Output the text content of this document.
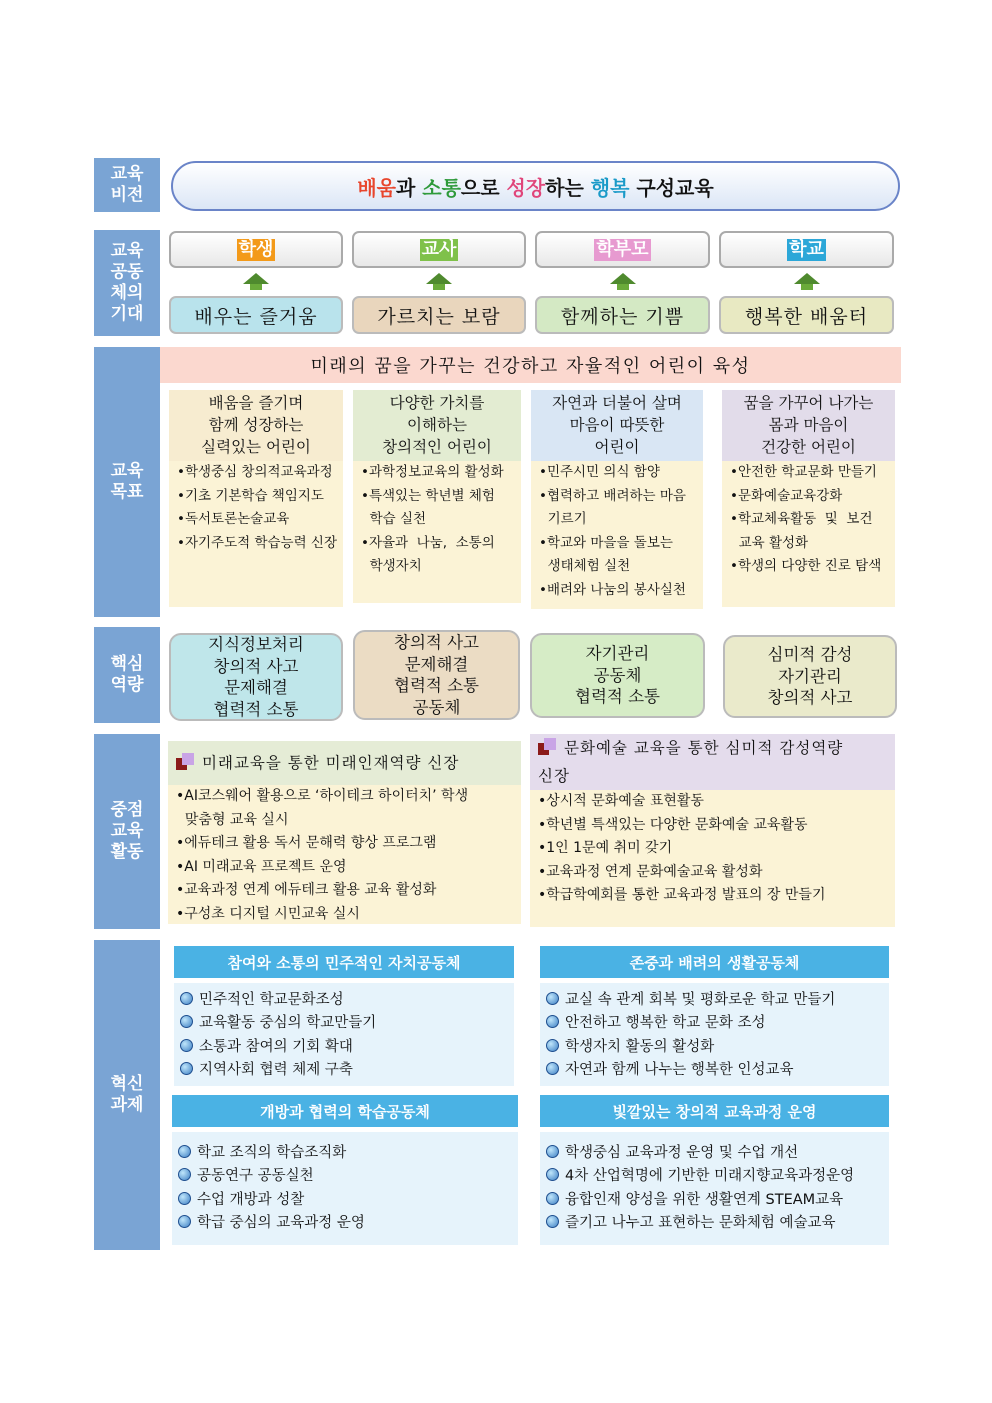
교육
비전
교육
공동
체의
기대
교육
목표
핵심
역량
중점
교육
활동
혁신
과제
배움과 소통으로 성장하는 행복 구성교육
학생
배우는 즐거움
교사
가르치는 보람
학부모
함께하는 기쁨
학교
행복한 배움터
미래의 꿈을 가꾸는 건강하고 자율적인 어린이 육성
배움을 즐기며
함께 성장하는
실력있는 어린이
•학생중심 창의적교육과정
•기초 기본학습 책임지도
•독서토론논술교육
•자기주도적 학습능력 신장
다양한 가치를
이해하는
창의적인 어린이
•과학정보교육의 활성화
•특색있는 학년별 체험
학습 실천
•자율과  나눔,  소통의
학생자치
자연과 더불어 살며
마음이 따뜻한
어린이
•민주시민 의식 함양
•협력하고 배려하는 마음
기르기
•학교와 마을을 돌보는
생태체험 실천
•배려와 나눔의 봉사실천
꿈을 가꾸어 나가는
몸과 마음이
건강한 어린이
•안전한 학교문화 만들기
•문화예술교육강화
•학교체육활동  및  보건
교육 활성화
•학생의 다양한 진로 탐색
지식정보처리
창의적 사고
문제해결
협력적 소통
창의적 사고
문제해결
협력적 소통
공동체
자기관리
공동체
협력적 소통
심미적 감성
자기관리
창의적 사고
미래교육을 통한 미래인재역량 신장
•AI코스웨어 활용으로 ‘하이테크 하이터치’ 학생
맞춤형 교육 실시
•에듀테크 활용 독서 문해력 향상 프로그램
•AI 미래교육 프로젝트 운영
•교육과정 연계 에듀테크 활용 교육 활성화
•구성초 디지털 시민교육 실시
문화예술 교육을 통한 심미적 감성역량
신장
•상시적 문화예술 표현활동
•학년별 특색있는 다양한 문화예술 교육활동
•1인 1문예 취미 갖기
•교육과정 연계 문화예술교육 활성화
•학급학예회를 통한 교육과정 발표의 장 만들기
참여와 소통의 민주적인 자치공동체
민주적인 학교문화조성
교육활동 중심의 학교만들기
소통과 참여의 기회 확대
지역사회 협력 체제 구축
존중과 배려의 생활공동체
교실 속 관계 회복 및 평화로운 학교 만들기
안전하고 행복한 학교 문화 조성
학생자치 활동의 활성화
자연과 함께 나누는 행복한 인성교육
개방과 협력의 학습공동체
학교 조직의 학습조직화
공동연구 공동실천
수업 개방과 성찰
학급 중심의 교육과정 운영
빛깔있는 창의적 교육과정 운영
학생중심 교육과정 운영 및 수업 개선
4차 산업혁명에 기반한 미래지향교육과정운영
융합인재 양성을 위한 생활연계 STEAM교육
즐기고 나누고 표현하는 문화체험 예술교육
